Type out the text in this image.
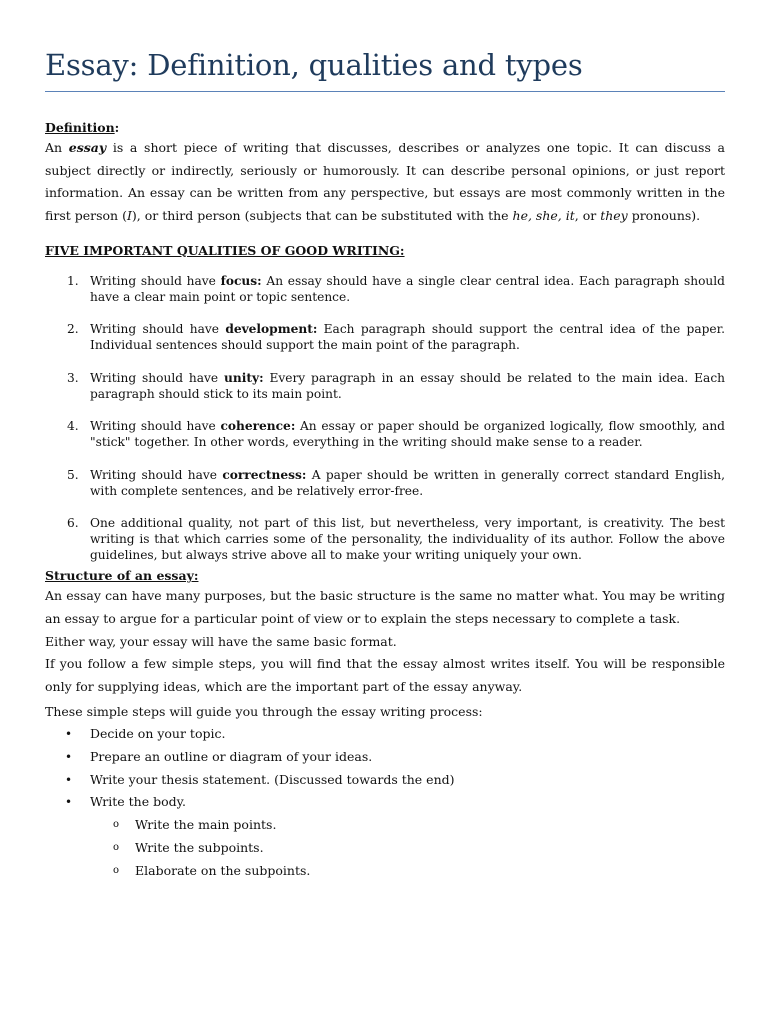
Essay: Definition, qualities and types
Definition:

An essay is a short piece of writing that discusses, describes or analyzes one topic. It can discuss a subject directly or indirectly, seriously or humorously. It can describe personal opinions, or just report information. An essay can be written from any perspective, but essays are most commonly written in the first person (I), or third person (subjects that can be substituted with the he, she, it, or they pronouns).

FIVE IMPORTANT QUALITIES OF GOOD WRITING:
1. Writing should have focus: An essay should have a single clear central idea. Each paragraph should have a clear main point or topic sentence.
2. Writing should have development: Each paragraph should support the central idea of the paper. Individual sentences should support the main point of the paragraph.
3. Writing should have unity: Every paragraph in an essay should be related to the main idea. Each paragraph should stick to its main point.
4. Writing should have coherence: An essay or paper should be organized logically, flow smoothly, and "stick" together. In other words, everything in the writing should make sense to a reader.
5. Writing should have correctness: A paper should be written in generally correct standard English, with complete sentences, and be relatively error-free.
6. One additional quality, not part of this list, but nevertheless, very important, is creativity. The best writing is that which carries some of the personality, the individuality of its author. Follow the above guidelines, but always strive above all to make your writing uniquely your own.
Structure of an essay:

An essay can have many purposes, but the basic structure is the same no matter what. You may be writing an essay to argue for a particular point of view or to explain the steps necessary to complete a task.

Either way, your essay will have the same basic format.

If you follow a few simple steps, you will find that the essay almost writes itself. You will be responsible only for supplying ideas, which are the important part of the essay anyway.

These simple steps will guide you through the essay writing process:

• Decide on your topic.
• Prepare an outline or diagram of your ideas.
• Write your thesis statement. (Discussed towards the end)
• Write the body.
o Write the main points.
o Write the subpoints.
o Elaborate on the subpoints.
